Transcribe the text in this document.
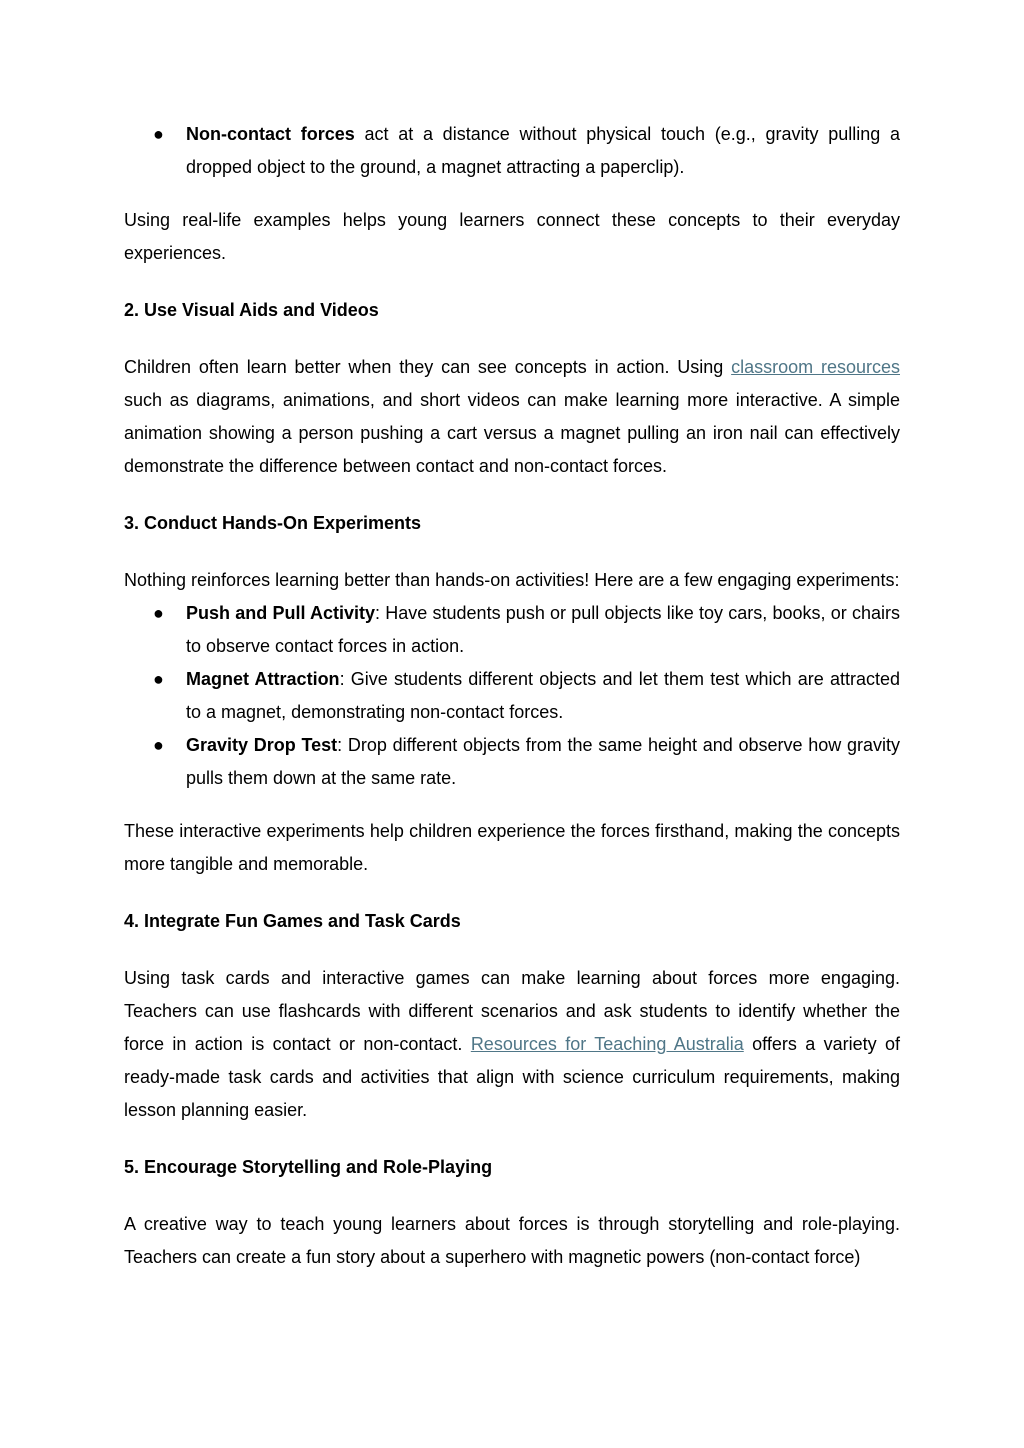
● Non-contact forces act at a distance without physical touch (e.g., gravity pulling a dropped object to the ground, a magnet attracting a paperclip).

Using real-life examples helps young learners connect these concepts to their everyday experiences.

2. Use Visual Aids and Videos

Children often learn better when they can see concepts in action. Using classroom resources such as diagrams, animations, and short videos can make learning more interactive. A simple animation showing a person pushing a cart versus a magnet pulling an iron nail can effectively demonstrate the difference between contact and non-contact forces.

3. Conduct Hands-On Experiments

Nothing reinforces learning better than hands-on activities! Here are a few engaging experiments:

● Push and Pull Activity: Have students push or pull objects like toy cars, books, or chairs to observe contact forces in action.
● Magnet Attraction: Give students different objects and let them test which are attracted to a magnet, demonstrating non-contact forces.
● Gravity Drop Test: Drop different objects from the same height and observe how gravity pulls them down at the same rate.

These interactive experiments help children experience the forces firsthand, making the concepts more tangible and memorable.

4. Integrate Fun Games and Task Cards

Using task cards and interactive games can make learning about forces more engaging. Teachers can use flashcards with different scenarios and ask students to identify whether the force in action is contact or non-contact. Resources for Teaching Australia offers a variety of ready-made task cards and activities that align with science curriculum requirements, making lesson planning easier.

5. Encourage Storytelling and Role-Playing

A creative way to teach young learners about forces is through storytelling and role-playing. Teachers can create a fun story about a superhero with magnetic powers (non-contact force)
